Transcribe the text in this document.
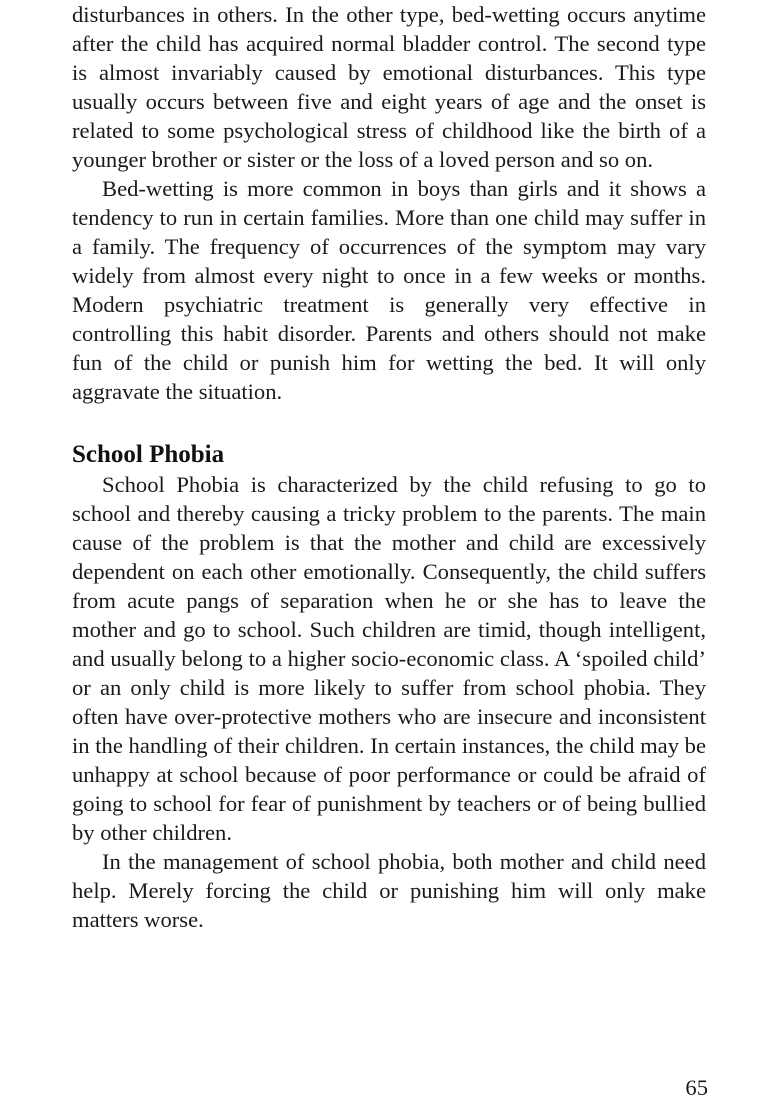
disturbances in others. In the other type, bed-wetting occurs anytime after the child has acquired normal bladder control. The second type is almost invariably caused by emotional disturbances. This type usually occurs between five and eight years of age and the onset is related to some psychological stress of childhood like the birth of a younger brother or sister or the loss of a loved person and so on.

Bed-wetting is more common in boys than girls and it shows a tendency to run in certain families. More than one child may suffer in a family. The frequency of occurrences of the symptom may vary widely from almost every night to once in a few weeks or months. Modern psychiatric treatment is generally very effective in controlling this habit disorder. Parents and others should not make fun of the child or punish him for wetting the bed. It will only aggravate the situation.

School Phobia

School Phobia is characterized by the child refusing to go to school and thereby causing a tricky problem to the parents. The main cause of the problem is that the mother and child are excessively dependent on each other emotionally. Consequently, the child suffers from acute pangs of separation when he or she has to leave the mother and go to school. Such children are timid, though intelligent, and usually belong to a higher socio-economic class. A ‘spoiled child’ or an only child is more likely to suffer from school phobia. They often have over-protective mothers who are insecure and inconsistent in the handling of their children. In certain instances, the child may be unhappy at school because of poor performance or could be afraid of going to school for fear of punishment by teachers or of being bullied by other children.

In the management of school phobia, both mother and child need help. Merely forcing the child or punishing him will only make matters worse.

65
